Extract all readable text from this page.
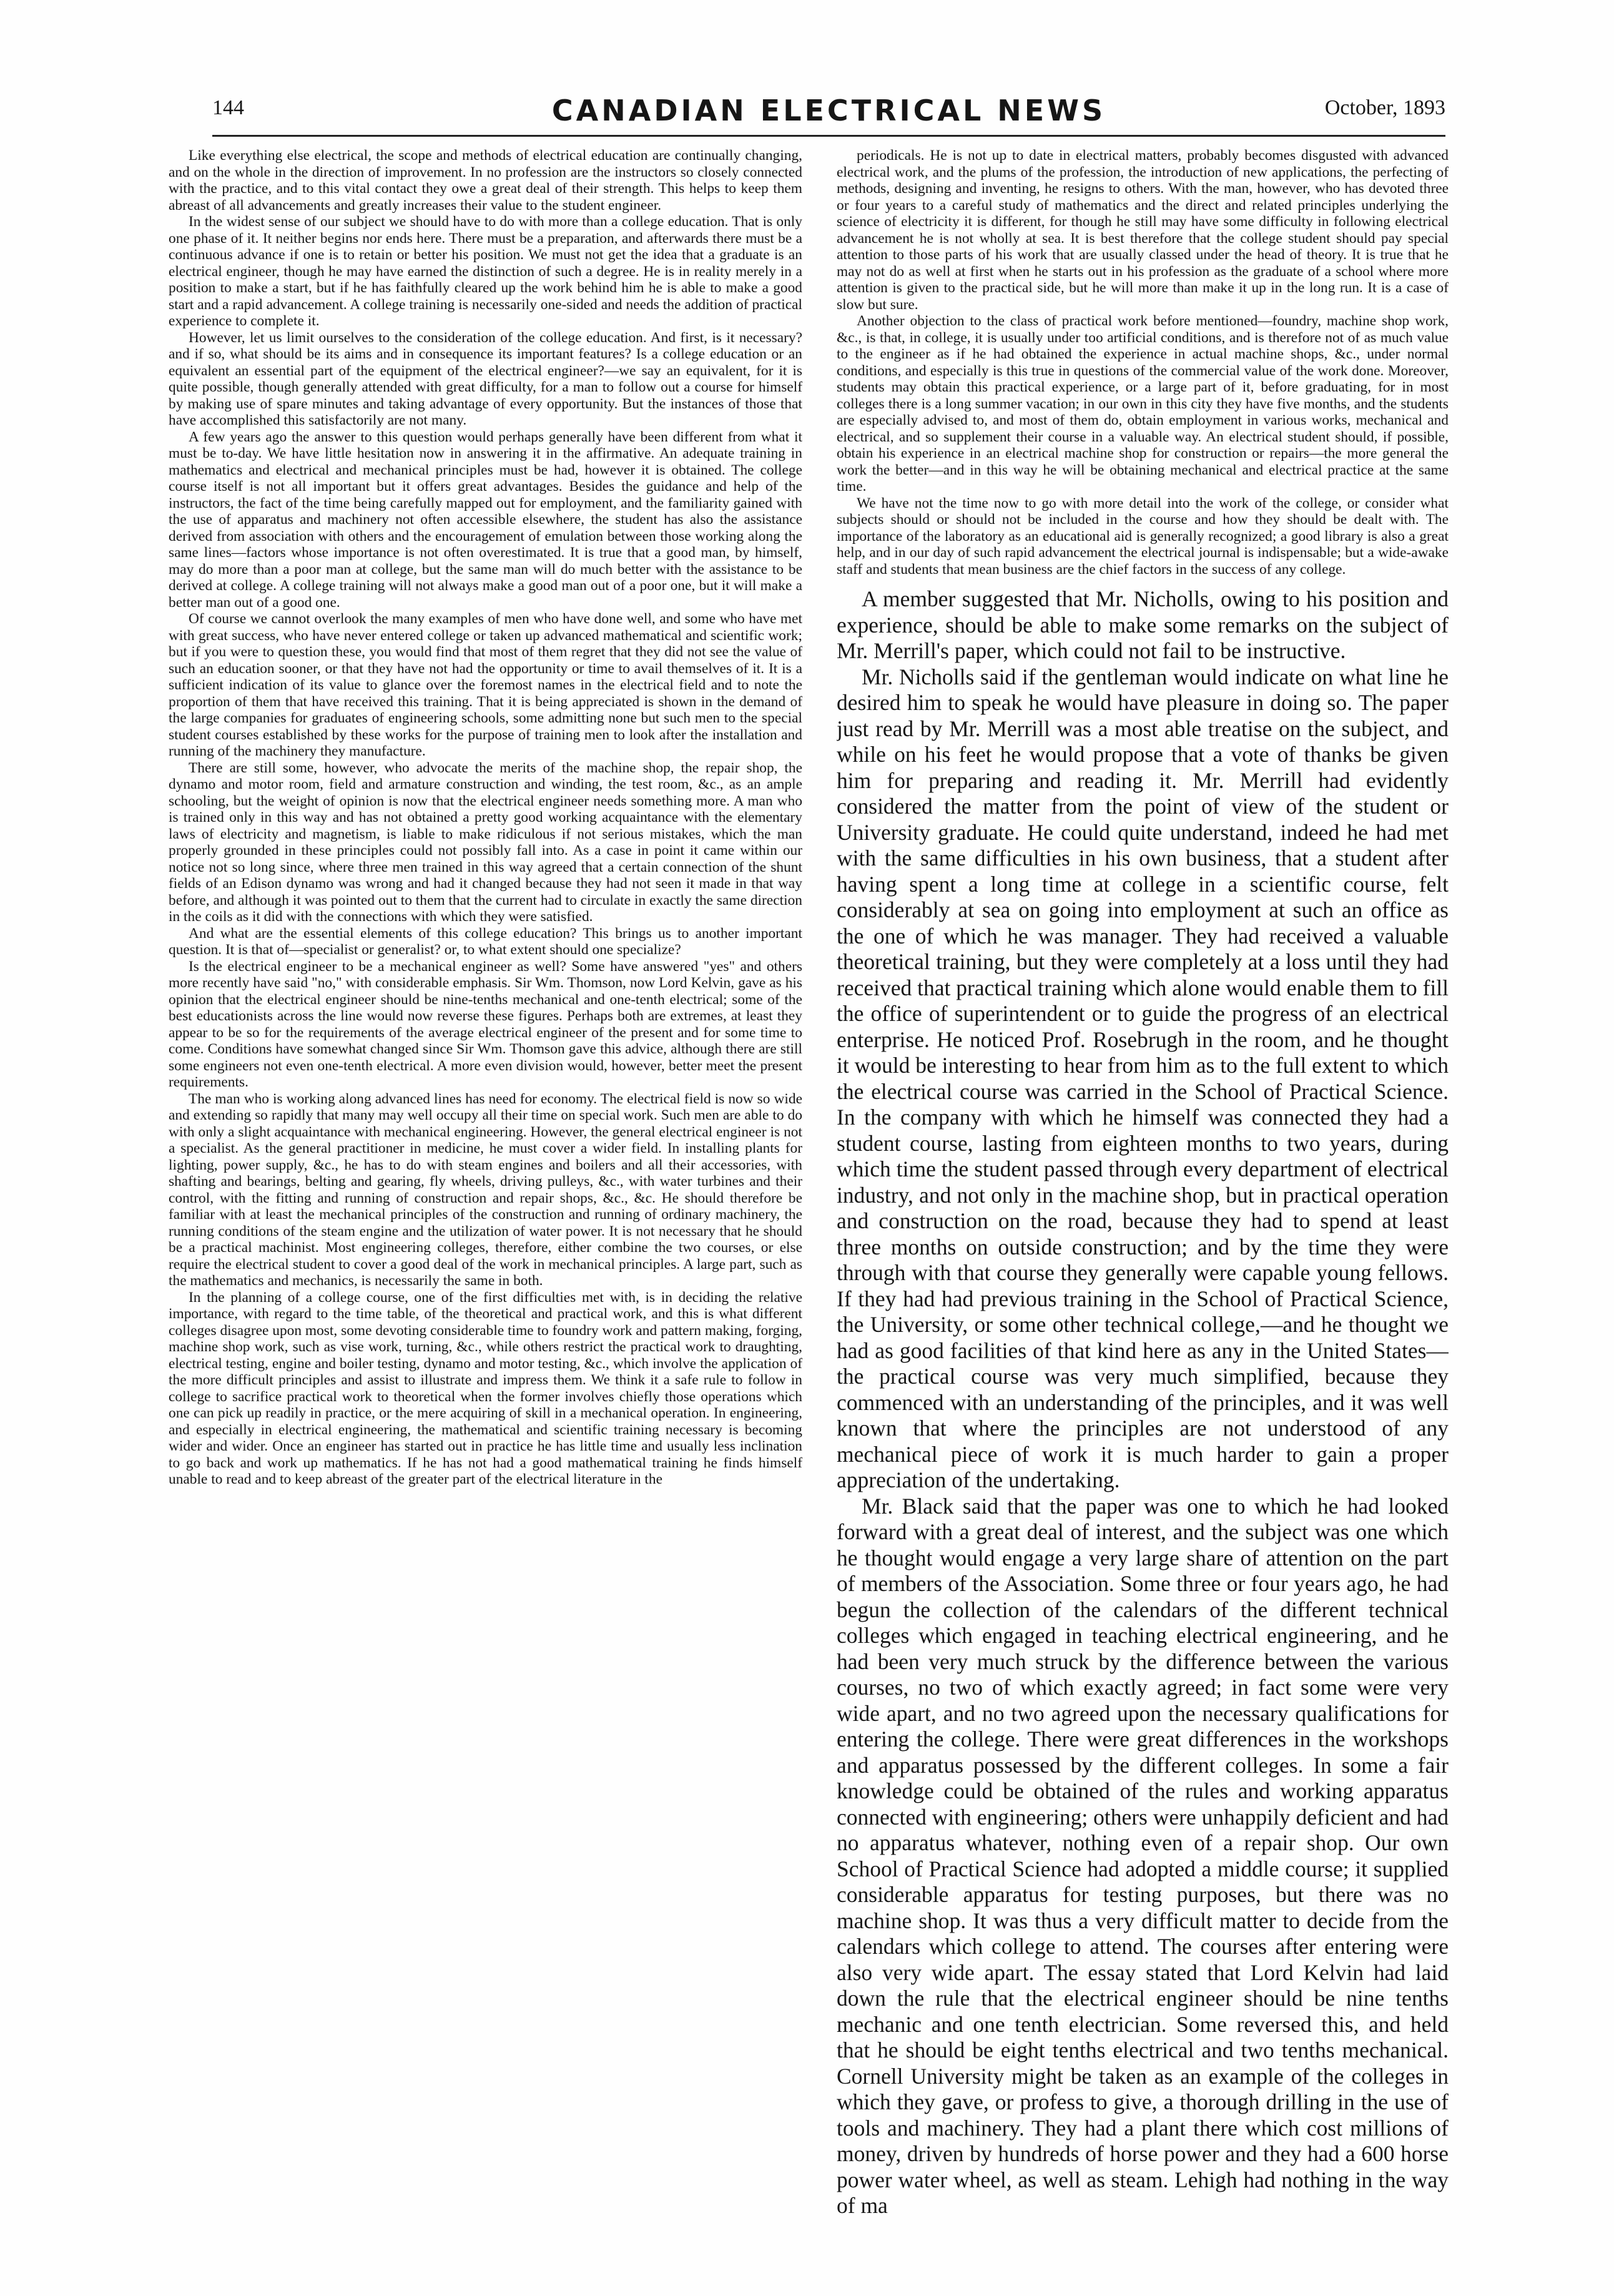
144	CANADIAN ELECTRICAL NEWS	October, 1893

Like everything else electrical, the scope and methods of electrical education are continually changing, and on the whole in the direction of improvement. In no profession are the instructors so closely connected with the practice, and to this vital contact they owe a great deal of their strength. This helps to keep them abreast of all advancements and greatly increases their value to the student engineer.

In the widest sense of our subject we should have to do with more than a college education. That is only one phase of it. It neither begins nor ends here. There must be a preparation, and afterwards there must be a continuous advance if one is to retain or better his position. We must not get the idea that a graduate is an electrical engineer, though he may have earned the distinction of such a degree. He is in reality merely in a position to make a start, but if he has faithfully cleared up the work behind him he is able to make a good start and a rapid advancement. A college training is necessarily one-sided and needs the addition of practical experience to complete it.

However, let us limit ourselves to the consideration of the college education. And first, is it necessary? and if so, what should be its aims and in consequence its important features? Is a college education or an equivalent an essential part of the equipment of the electrical engineer?—we say an equivalent, for it is quite possible, though generally attended with great difficulty, for a man to follow out a course for himself by making use of spare minutes and taking advantage of every opportunity. But the instances of those that have accomplished this satisfactorily are not many.

A few years ago the answer to this question would perhaps generally have been different from what it must be to-day. We have little hesitation now in answering it in the affirmative. An adequate training in mathematics and electrical and mechanical principles must be had, however it is obtained. The college course itself is not all important but it offers great advantages. Besides the guidance and help of the instructors, the fact of the time being carefully mapped out for employment, and the familiarity gained with the use of apparatus and machinery not often accessible elsewhere, the student has also the assistance derived from association with others and the encouragement of emulation between those working along the same lines—factors whose importance is not often overestimated. It is true that a good man, by himself, may do more than a poor man at college, but the same man will do much better with the assistance to be derived at college. A college training will not always make a good man out of a poor one, but it will make a better man out of a good one.

Of course we cannot overlook the many examples of men who have done well, and some who have met with great success, who have never entered college or taken up advanced mathematical and scientific work; but if you were to question these, you would find that most of them regret that they did not see the value of such an education sooner, or that they have not had the opportunity or time to avail themselves of it. It is a sufficient indication of its value to glance over the foremost names in the electrical field and to note the proportion of them that have received this training. That it is being appreciated is shown in the demand of the large companies for graduates of engineering schools, some admitting none but such men to the special student courses established by these works for the purpose of training men to look after the installation and running of the machinery they manufacture.

There are still some, however, who advocate the merits of the machine shop, the repair shop, the dynamo and motor room, field and armature construction and winding, the test room, &c., as an ample schooling, but the weight of opinion is now that the electrical engineer needs something more. A man who is trained only in this way and has not obtained a pretty good working acquaintance with the elementary laws of electricity and magnetism, is liable to make ridiculous if not serious mistakes, which the man properly grounded in these principles could not possibly fall into. As a case in point it came within our notice not so long since, where three men trained in this way agreed that a certain connection of the shunt fields of an Edison dynamo was wrong and had it changed because they had not seen it made in that way before, and although it was pointed out to them that the current had to circulate in exactly the same direction in the coils as it did with the connections with which they were satisfied.

And what are the essential elements of this college education? This brings us to another important question. It is that of—specialist or generalist? or, to what extent should one specialize?

Is the electrical engineer to be a mechanical engineer as well? Some have answered "yes" and others more recently have said "no," with considerable emphasis. Sir Wm. Thomson, now Lord Kelvin, gave as his opinion that the electrical engineer should be nine-tenths mechanical and one-tenth electrical; some of the best educationists across the line would now reverse these figures. Perhaps both are extremes, at least they appear to be so for the requirements of the average electrical engineer of the present and for some time to come. Conditions have somewhat changed since Sir Wm. Thomson gave this advice, although there are still some engineers not even one-tenth electrical. A more even division would, however, better meet the present requirements.

The man who is working along advanced lines has need for economy. The electrical field is now so wide and extending so rapidly that many may well occupy all their time on special work. Such men are able to do with only a slight acquaintance with mechanical engineering. However, the general electrical engineer is not a specialist. As the general practitioner in medicine, he must cover a wider field. In installing plants for lighting, power supply, &c., he has to do with steam engines and boilers and all their accessories, with shafting and bearings, belting and gearing, fly wheels, driving pulleys, &c., with water turbines and their control, with the fitting and running of construction and repair shops, &c., &c. He should therefore be familiar with at least the mechanical principles of the construction and running of ordinary machinery, the running conditions of the steam engine and the utilization of water power. It is not necessary that he should be a practical machinist. Most engineering colleges, therefore, either combine the two courses, or else require the electrical student to cover a good deal of the work in mechanical principles. A large part, such as the mathematics and mechanics, is necessarily the same in both.

In the planning of a college course, one of the first difficulties met with, is in deciding the relative importance, with regard to the time table, of the theoretical and practical work, and this is what different colleges disagree upon most, some devoting considerable time to foundry work and pattern making, forging, machine shop work, such as vise work, turning, &c., while others restrict the practical work to draughting, electrical testing, engine and boiler testing, dynamo and motor testing, &c., which involve the application of the more difficult principles and assist to illustrate and impress them. We think it a safe rule to follow in college to sacrifice practical work to theoretical when the former involves chiefly those operations which one can pick up readily in practice, or the mere acquiring of skill in a mechanical operation. In engineering, and especially in electrical engineering, the mathematical and scientific training necessary is becoming wider and wider. Once an engineer has started out in practice he has little time and usually less inclination to go back and work up mathematics. If he has not had a good mathematical training he finds himself unable to read and to keep abreast of the greater part of the electrical literature in the

periodicals. He is not up to date in electrical matters, probably becomes disgusted with advanced electrical work, and the plums of the profession, the introduction of new applications, the perfecting of methods, designing and inventing, he resigns to others. With the man, however, who has devoted three or four years to a careful study of mathematics and the direct and related principles underlying the science of electricity it is different, for though he still may have some difficulty in following electrical advancement he is not wholly at sea. It is best therefore that the college student should pay special attention to those parts of his work that are usually classed under the head of theory. It is true that he may not do as well at first when he starts out in his profession as the graduate of a school where more attention is given to the practical side, but he will more than make it up in the long run. It is a case of slow but sure.

Another objection to the class of practical work before mentioned—foundry, machine shop work, &c., is that, in college, it is usually under too artificial conditions, and is therefore not of as much value to the engineer as if he had obtained the experience in actual machine shops, &c., under normal conditions, and especially is this true in questions of the commercial value of the work done. Moreover, students may obtain this practical experience, or a large part of it, before graduating, for in most colleges there is a long summer vacation; in our own in this city they have five months, and the students are especially advised to, and most of them do, obtain employment in various works, mechanical and electrical, and so supplement their course in a valuable way. An electrical student should, if possible, obtain his experience in an electrical machine shop for construction or repairs—the more general the work the better—and in this way he will be obtaining mechanical and electrical practice at the same time.

We have not the time now to go with more detail into the work of the college, or consider what subjects should or should not be included in the course and how they should be dealt with. The importance of the laboratory as an educational aid is generally recognized; a good library is also a great help, and in our day of such rapid advancement the electrical journal is indispensable; but a wide-awake staff and students that mean business are the chief factors in the success of any college.

A member suggested that Mr. Nicholls, owing to his position and experience, should be able to make some remarks on the subject of Mr. Merrill's paper, which could not fail to be instructive.

Mr. Nicholls said if the gentleman would indicate on what line he desired him to speak he would have pleasure in doing so. The paper just read by Mr. Merrill was a most able treatise on the subject, and while on his feet he would propose that a vote of thanks be given him for preparing and reading it. Mr. Merrill had evidently considered the matter from the point of view of the student or University graduate. He could quite understand, indeed he had met with the same difficulties in his own business, that a student after having spent a long time at college in a scientific course, felt considerably at sea on going into employment at such an office as the one of which he was manager. They had received a valuable theoretical training, but they were completely at a loss until they had received that practical training which alone would enable them to fill the office of superintendent or to guide the progress of an electrical enterprise. He noticed Prof. Rosebrugh in the room, and he thought it would be interesting to hear from him as to the full extent to which the electrical course was carried in the School of Practical Science. In the company with which he himself was connected they had a student course, lasting from eighteen months to two years, during which time the student passed through every department of electrical industry, and not only in the machine shop, but in practical operation and construction on the road, because they had to spend at least three months on outside construction; and by the time they were through with that course they generally were capable young fellows. If they had had previous training in the School of Practical Science, the University, or some other technical college,—and he thought we had as good facilities of that kind here as any in the United States—the practical course was very much simplified, because they commenced with an understanding of the principles, and it was well known that where the principles are not understood of any mechanical piece of work it is much harder to gain a proper appreciation of the undertaking.

Mr. Black said that the paper was one to which he had looked forward with a great deal of interest, and the subject was one which he thought would engage a very large share of attention on the part of members of the Association. Some three or four years ago, he had begun the collection of the calendars of the different technical colleges which engaged in teaching electrical engineering, and he had been very much struck by the difference between the various courses, no two of which exactly agreed; in fact some were very wide apart, and no two agreed upon the necessary qualifications for entering the college. There were great differences in the workshops and apparatus possessed by the different colleges. In some a fair knowledge could be obtained of the rules and working apparatus connected with engineering; others were unhappily deficient and had no apparatus whatever, nothing even of a repair shop. Our own School of Practical Science had adopted a middle course; it supplied considerable apparatus for testing purposes, but there was no machine shop. It was thus a very difficult matter to decide from the calendars which college to attend. The courses after entering were also very wide apart. The essay stated that Lord Kelvin had laid down the rule that the electrical engineer should be nine tenths mechanic and one tenth electrician. Some reversed this, and held that he should be eight tenths electrical and two tenths mechanical. Cornell University might be taken as an example of the colleges in which they gave, or profess to give, a thorough drilling in the use of tools and machinery. They had a plant there which cost millions of money, driven by hundreds of horse power and they had a 600 horse power water wheel, as well as steam. Lehigh had nothing in the way of ma
